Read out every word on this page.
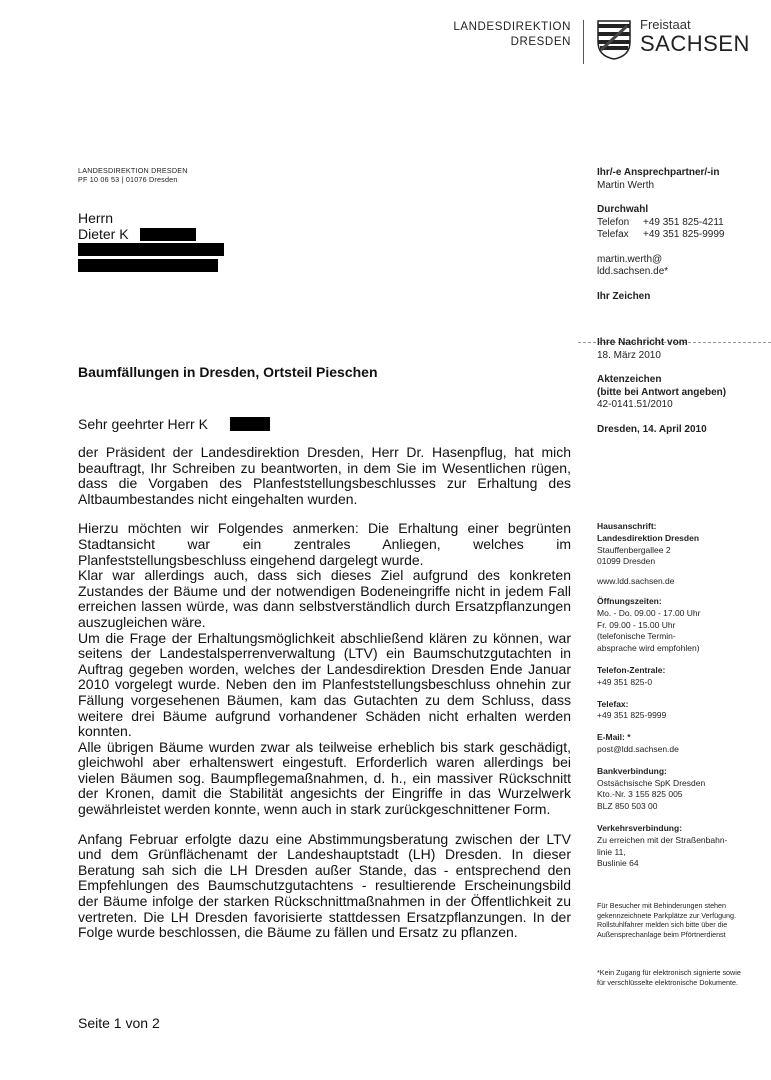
LANDESDIREKTION
DRESDEN
Freistaat
SACHSEN
LANDESDIREKTION DRESDEN
PF 10 06 53 | 01076 Dresden
Herrn
Dieter K
Baumfällungen in Dresden, Ortsteil Pieschen
Sehr geehrter Herr K

der Präsident der Landesdirektion Dresden, Herr Dr. Hasenpflug, hat mich beauftragt, Ihr Schreiben zu beantworten, in dem Sie im Wesentlichen rügen, dass die Vorgaben des Planfeststellungsbeschlusses zur Erhaltung des Altbaumbestandes nicht eingehalten wurden.

Hierzu möchten wir Folgendes anmerken: Die Erhaltung einer begrünten Stadtansicht war ein zentrales Anliegen, welches im Planfeststellungsbeschluss eingehend dargelegt wurde.

Klar war allerdings auch, dass sich dieses Ziel aufgrund des konkreten Zustandes der Bäume und der notwendigen Bodeneingriffe nicht in jedem Fall erreichen lassen würde, was dann selbstverständlich durch Ersatzpflanzungen auszugleichen wäre.

Um die Frage der Erhaltungsmöglichkeit abschließend klären zu können, war seitens der Landestalsperrenverwaltung (LTV) ein Baumschutzgutachten in Auftrag gegeben worden, welches der Landesdirektion Dresden Ende Januar 2010 vorgelegt wurde. Neben den im Planfeststellungsbeschluss ohnehin zur Fällung vorgesehenen Bäumen, kam das Gutachten zu dem Schluss, dass weitere drei Bäume aufgrund vorhandener Schäden nicht erhalten werden konnten.

Alle übrigen Bäume wurden zwar als teilweise erheblich bis stark geschädigt, gleichwohl aber erhaltenswert eingestuft. Erforderlich waren allerdings bei vielen Bäumen sog. Baumpflegemaßnahmen, d. h., ein massiver Rückschnitt der Kronen, damit die Stabilität angesichts der Eingriffe in das Wurzelwerk gewährleistet werden konnte, wenn auch in stark zurückgeschnittener Form.

Anfang Februar erfolgte dazu eine Abstimmungsberatung zwischen der LTV und dem Grünflächenamt der Landeshauptstadt (LH) Dresden. In dieser Beratung sah sich die LH Dresden außer Stande, das - entsprechend den Empfehlungen des Baumschutzgutachtens - resultierende Erscheinungsbild der Bäume infolge der starken Rückschnittmaßnahmen in der Öffentlichkeit zu vertreten. Die LH Dresden favorisierte stattdessen Ersatzpflanzungen. In der Folge wurde beschlossen, die Bäume zu fällen und Ersatz zu pflanzen.

Seite 1 von 2
Ihr/-e Ansprechpartner/-in
Martin Werth
Durchwahl
Telefon +49 351 825-4211
Telefax +49 351 825-9999
martin.werth@
ldd.sachsen.de*
Ihr Zeichen
Ihre Nachricht vom
18. März 2010
Aktenzeichen
(bitte bei Antwort angeben)
42-0141.51/2010
Dresden, 14. April 2010
Hausanschrift:
Landesdirektion Dresden
Stauffenbergallee 2
01099 Dresden
www.ldd.sachsen.de
Öffnungszeiten:
Mo. - Do. 09.00 - 17.00 Uhr
Fr. 09.00 - 15.00 Uhr
(telefonische Termin-
absprache wird empfohlen)
Telefon-Zentrale:
+49 351 825-0
Telefax:
+49 351 825-9999
E-Mail: *
post@ldd.sachsen.de
Bankverbindung:
Ostsächsische SpK Dresden
Kto.-Nr. 3 155 825 005
BLZ 850 503 00
Verkehrsverbindung:
Zu erreichen mit der Straßenbahn-
linie 11,
Buslinie 64
Für Besucher mit Behinderungen stehen gekennzeichnete Parkplätze zur Verfügung. Rollstuhlfahrer melden sich bitte über die Außensprechanlage beim Pförtnerdienst
*Kein Zugang für elektronisch signierte sowie für verschlüsselte elektronische Dokumente.
